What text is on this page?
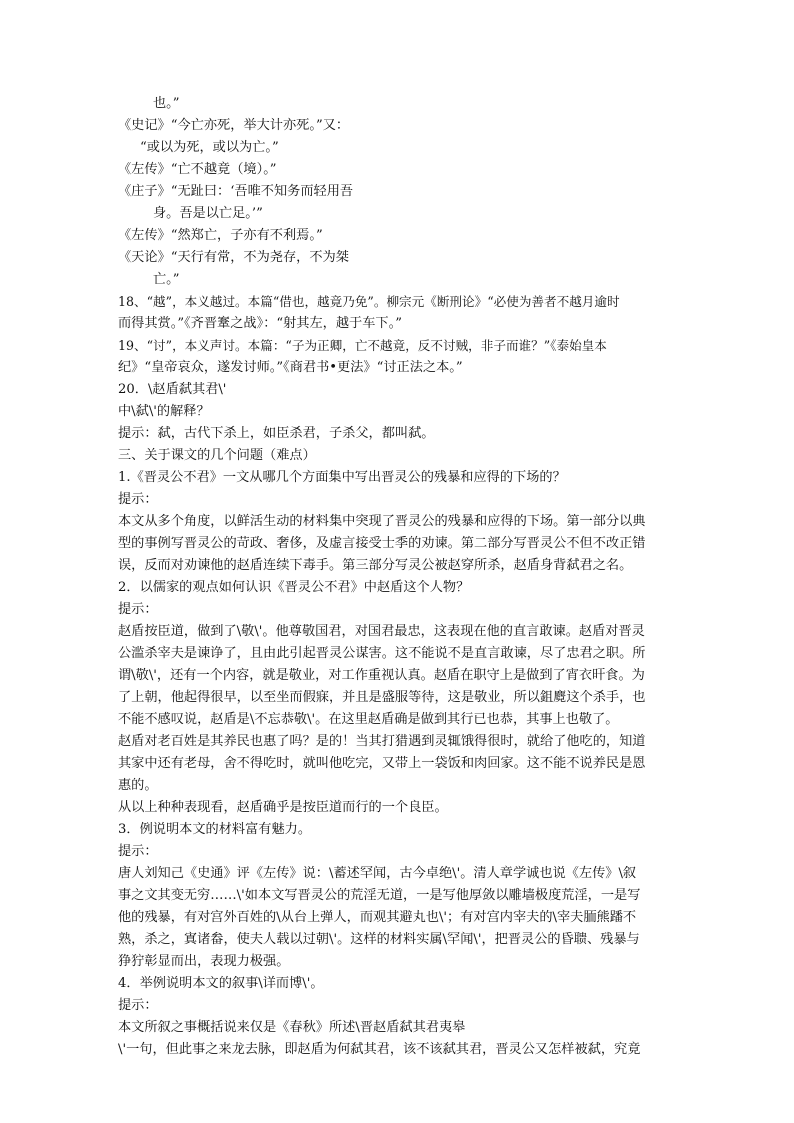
也。”
《史记》“今亡亦死，举大计亦死。”又：
“或以为死，或以为亡。”
《左传》“亡不越竟（境）。”
《庄子》“无趾曰：‘吾唯不知务而轻用吾
身。吾是以亡足。’”
《左传》“然郑亡，子亦有不利焉。”
《天论》“天行有常，不为尧存，不为桀
亡。”
18、“越”，本义越过。本篇“借也，越竟乃免”。柳宗元《断刑论》“必使为善者不越月逾时
而得其赏。”《齐晋鞌之战》：“射其左，越于车下。”
19、“讨”，本义声讨。本篇：“子为正卿，亡不越竟，反不讨贼，非子而谁？”《泰始皇本
纪》“皇帝哀众，遂发讨师。”《商君书•更法》“讨正法之本。”
20．\赵盾弑其君\'
中\弑\'的解释？
提示：弑，古代下杀上，如臣杀君，子杀父，都叫弑。
三、关于课文的几个问题（难点）
1.《晋灵公不君》一文从哪几个方面集中写出晋灵公的残暴和应得的下场的？
提示：
本文从多个角度，以鲜活生动的材料集中突现了晋灵公的残暴和应得的下场。第一部分以典
型的事例写晋灵公的苛政、奢侈，及虚言接受士季的劝谏。第二部分写晋灵公不但不改正错
误，反而对劝谏他的赵盾连续下毒手。第三部分写灵公被赵穿所杀，赵盾身背弑君之名。
2．以儒家的观点如何认识《晋灵公不君》中赵盾这个人物？
提示：
赵盾按臣道，做到了\敬\'。他尊敬国君，对国君最忠，这表现在他的直言敢谏。赵盾对晋灵
公滥杀宰夫是谏诤了，且由此引起晋灵公谋害。这不能说不是直言敢谏，尽了忠君之职。所
谓\敬\'，还有一个内容，就是敬业，对工作重视认真。赵盾在职守上是做到了宵衣旰食。为
了上朝，他起得很早，以至坐而假寐，并且是盛服等待，这是敬业，所以鉏麑这个杀手，也
不能不感叹说，赵盾是\不忘恭敬\'。在这里赵盾确是做到其行已也恭，其事上也敬了。
赵盾对老百姓是其养民也惠了吗？是的！当其打猎遇到灵辄饿得很时，就给了他吃的，知道
其家中还有老母，舍不得吃时，就叫他吃完，又带上一袋饭和肉回家。这不能不说养民是恩
惠的。
从以上种种表现看，赵盾确乎是按臣道而行的一个良臣。
3．例说明本文的材料富有魅力。
提示：
唐人刘知己《史通》评《左传》说：\蓄述罕闻，古今卓绝\'。清人章学诚也说《左传》\叙
事之文其变无穷……\'如本文写晋灵公的荒淫无道，一是写他厚敛以雕墙极度荒淫，一是写
他的残暴，有对宫外百姓的\从台上弹人，而观其避丸也\'；有对宫内宰夫的\宰夫胹熊蹯不
熟，杀之，寘诸畚，使夫人载以过朝\'。这样的材料实属\罕闻\'，把晋灵公的昏聩、残暴与
狰狞彰显而出，表现力极强。
4．举例说明本文的叙事\详而博\'。
提示：
本文所叙之事概括说来仅是《春秋》所述\晋赵盾弑其君夷皋
\'一句，但此事之来龙去脉，即赵盾为何弑其君，该不该弑其君，晋灵公又怎样被弑，究竟
